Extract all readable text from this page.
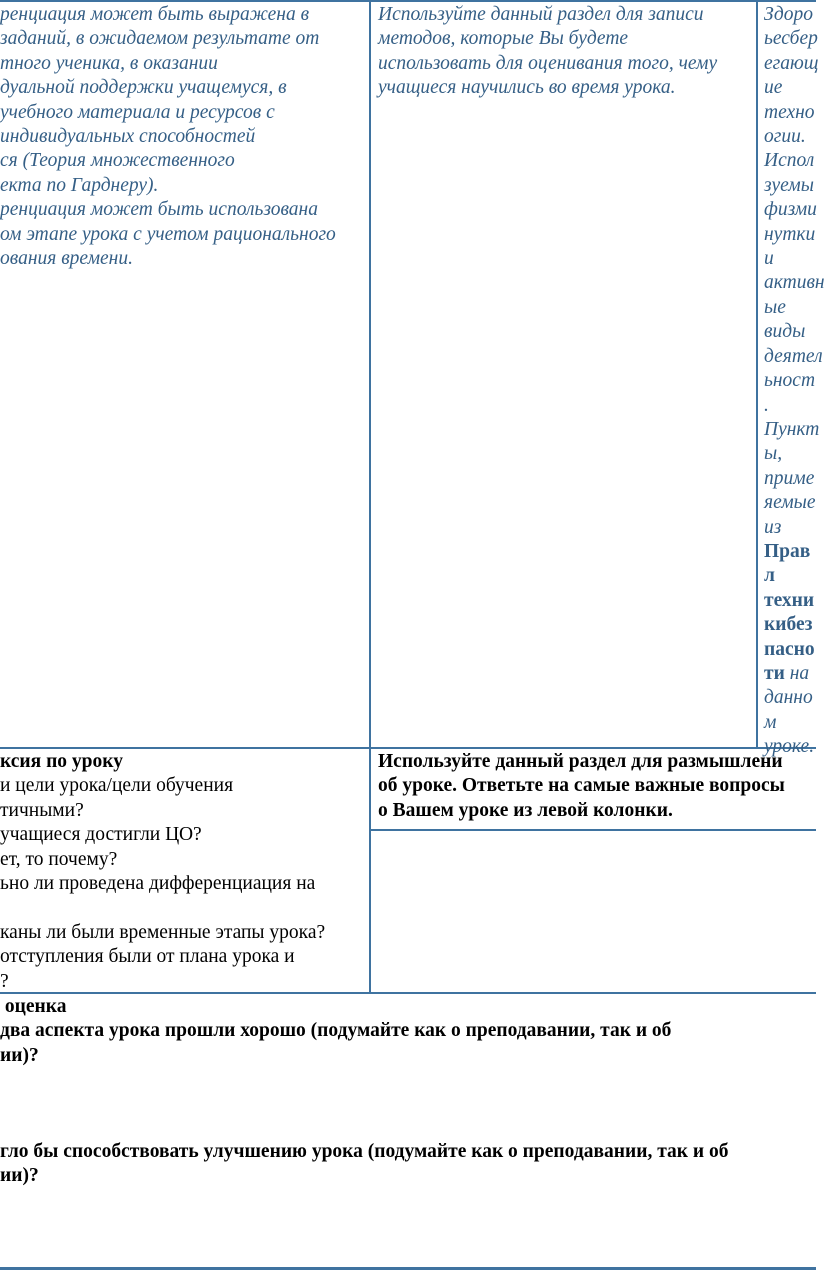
ренциация может быть выражена в
заданий, в ожидаемом результате от
тного ученика, в оказании
дуальной поддержки учащемуся, в
учебного материала и ресурсов с
индивидуальных способностей
ся (Теория множественного
екта по Гарднеру).
ренциация может быть использована
ом этапе урока с учетом рационального
ования времени.
Используйте данный раздел для записи
методов, которые Вы будете
использовать для оценивания того, чему
учащиеся научились во время урока.
Здоро
ьесбер
егающ
ие
техно
огии.
Испол
зуемы
физми
нутки
и
активн
ые
виды
деятел
ьност
.
Пункт
ы,
приме
яемые
из
Прав
л
техни
кибез
пасно
ти на
данно
м
уроке.
ксия по уроку
и цели урока/цели обучения
тичными?
учащиеся достигли ЦО?
ет, то почему?
ьно ли проведена дифференциация на

каны ли были временные этапы урока?
отступления были от плана урока и
?
Используйте данный раздел для размышлени
об уроке. Ответьте на самые важные вопросы
о Вашем уроке из левой колонки.
оценка
два аспекта урока прошли хорошо (подумайте как о преподавании, так и об
ии)?
гло бы способствовать улучшению урока (подумайте как о преподавании, так и об
ии)?
